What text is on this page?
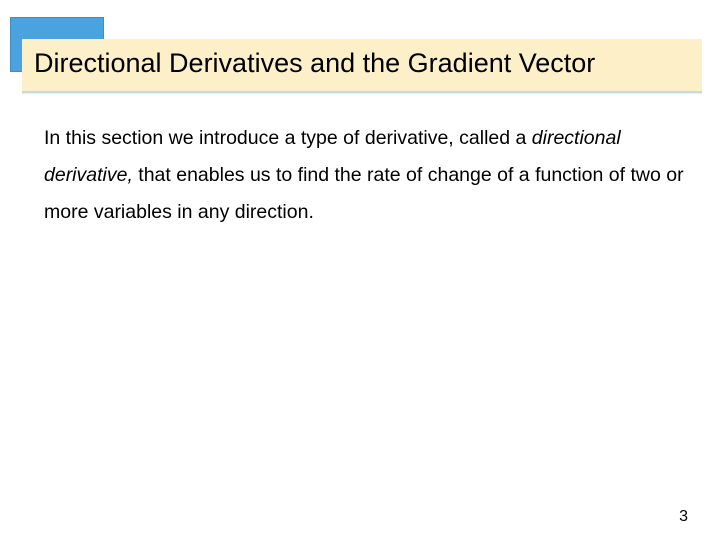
Directional Derivatives and the Gradient Vector

In this section we introduce a type of derivative, called a directional derivative, that enables us to find the rate of change of a function of two or more variables in any direction.

3
